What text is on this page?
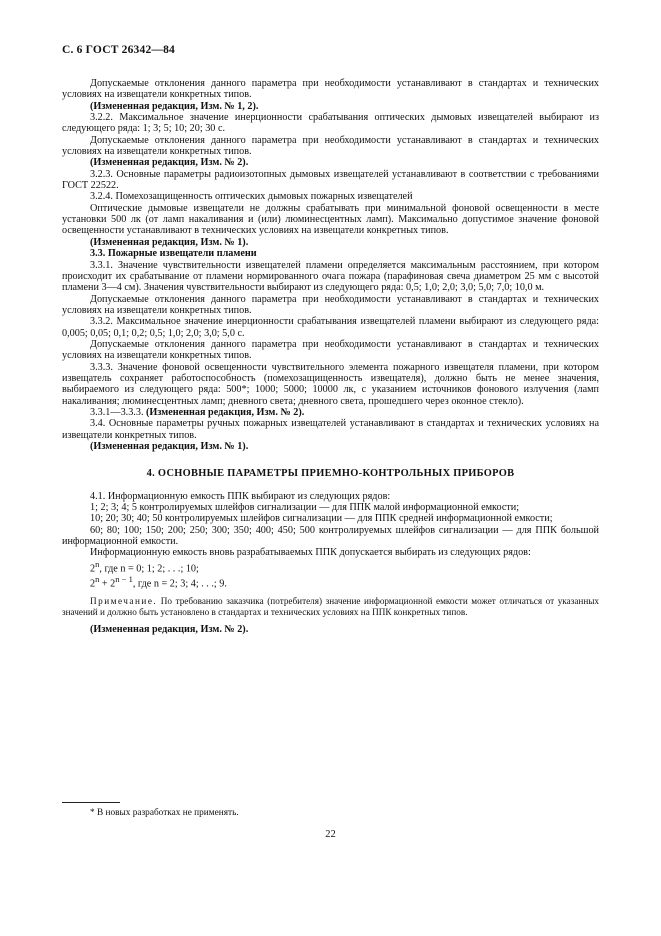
С. 6 ГОСТ 26342—84

Допускаемые отклонения данного параметра при необходимости устанавливают в стандартах и технических условиях на извещатели конкретных типов.

(Измененная редакция, Изм. № 1, 2).

3.2.2. Максимальное значение инерционности срабатывания оптических дымовых извещателей выбирают из следующего ряда: 1; 3; 5; 10; 20; 30 с.

Допускаемые отклонения данного параметра при необходимости устанавливают в стандартах и технических условиях на извещатели конкретных типов.

(Измененная редакция, Изм. № 2).

3.2.3. Основные параметры радиоизотопных дымовых извещателей устанавливают в соответствии с требованиями ГОСТ 22522.

3.2.4. Помехозащищенность оптических дымовых пожарных извещателей

Оптические дымовые извещатели не должны срабатывать при минимальной фоновой освещенности в месте установки 500 лк (от ламп накаливания и (или) люминесцентных ламп). Максимально допустимое значение фоновой освещенности устанавливают в технических условиях на извещатели конкретных типов.

(Измененная редакция, Изм. № 1).

3.3. Пожарные извещатели пламени

3.3.1. Значение чувствительности извещателей пламени определяется максимальным расстоянием, при котором происходит их срабатывание от пламени нормированного очага пожара (парафиновая свеча диаметром 25 мм с высотой пламени 3—4 см). Значения чувствительности выбирают из следующего ряда: 0,5; 1,0; 2,0; 3,0; 5,0; 7,0; 10,0 м.

Допускаемые отклонения данного параметра при необходимости устанавливают в стандартах и технических условиях на извещатели конкретных типов.

3.3.2. Максимальное значение инерционности срабатывания извещателей пламени выбирают из следующего ряда: 0,005; 0,05; 0,1; 0,2; 0,5; 1,0; 2,0; 3,0; 5,0 с.

Допускаемые отклонения данного параметра при необходимости устанавливают в стандартах и технических условиях на извещатели конкретных типов.

3.3.3. Значение фоновой освещенности чувствительного элемента пожарного извещателя пламени, при котором извещатель сохраняет работоспособность (помехозащищенность извещателя), должно быть не менее значения, выбираемого из следующего ряда: 500*; 1000; 5000; 10000 лк, с указанием источников фонового излучения (ламп накаливания; люминесцентных ламп; дневного света; дневного света, прошедшего через оконное стекло).

3.3.1—3.3.3. (Измененная редакция, Изм. № 2).

3.4. Основные параметры ручных пожарных извещателей устанавливают в стандартах и технических условиях на извещатели конкретных типов.

(Измененная редакция, Изм. № 1).

4. ОСНОВНЫЕ ПАРАМЕТРЫ ПРИЕМНО-КОНТРОЛЬНЫХ ПРИБОРОВ

4.1. Информационную емкость ППК выбирают из следующих рядов:

1; 2; 3; 4; 5 контролируемых шлейфов сигнализации — для ППК малой информационной емкости;

10; 20; 30; 40; 50 контролируемых шлейфов сигнализации — для ППК средней информационной емкости;

60; 80; 100; 150; 200; 250; 300; 350; 400; 450; 500 контролируемых шлейфов сигнализации — для ППК большой информационной емкости.

Информационную емкость вновь разрабатываемых ППК допускается выбирать из следующих рядов:

2$^n$, где n = 0; 1; 2; . . .; 10;

$2^n + 2^{n - 1}$, где n = 2; 3; 4; . . .; 9.

Примечание. По требованию заказчика (потребителя) значение информационной емкости может отличаться от указанных значений и должно быть установлено в стандартах и технических условиях на ППК конкретных типов.

(Измененная редакция, Изм. № 2).

* В новых разработках не применять.
22
